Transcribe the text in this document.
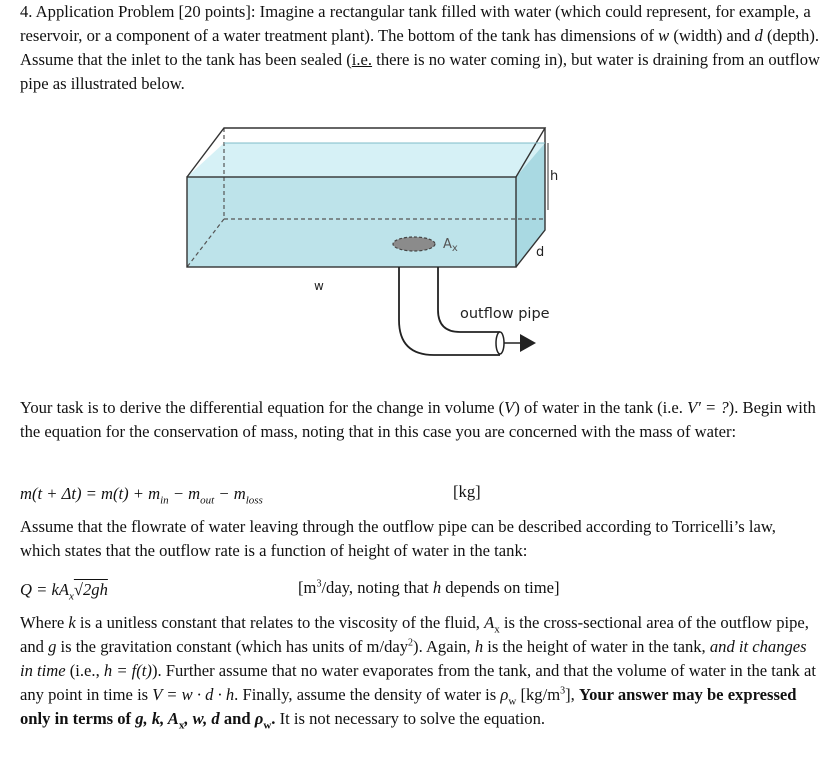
4. Application Problem [20 points]: Imagine a rectangular tank filled with water (which could represent, for example, a reservoir, or a component of a water treatment plant). The bottom of the tank has dimensions of w (width) and d (depth). Assume that the inlet to the tank has been sealed (i.e. there is no water coming in), but water is draining from an outflow pipe as illustrated below.
h
d
w
$A_x$
outflow pipe
Your task is to derive the differential equation for the change in volume (V) of water in the tank (i.e. V′ = ?). Begin with the equation for the conservation of mass, noting that in this case you are concerned with the mass of water:
$m(t + \Delta t) = m(t) + m_{in} - m_{out} - m_{loss}$	[kg]
Assume that the flowrate of water leaving through the outflow pipe can be described according to Torricelli’s law, which states that the outflow rate is a function of height of water in the tank:
$Q = kA_x√2gh$	[$m^3$/day, noting that h depends on time]
Where k is a unitless constant that relates to the viscosity of the fluid, $A_x$ is the cross-sectional area of the outflow pipe, and g is the gravitation constant (which has units of m/day$^2$). Again, h is the height of water in the tank, and it changes in time (i.e., h = f(t)). Further assume that no water evaporates from the tank, and that the volume of water in the tank at any point in time is V = w · d · h. Finally, assume the density of water is $\rho_w$ $[kg/m^3]$, Your answer may be expressed only in terms of g, k, $A_x$, w, d and $\rho_w$. It is not necessary to solve the equation.
